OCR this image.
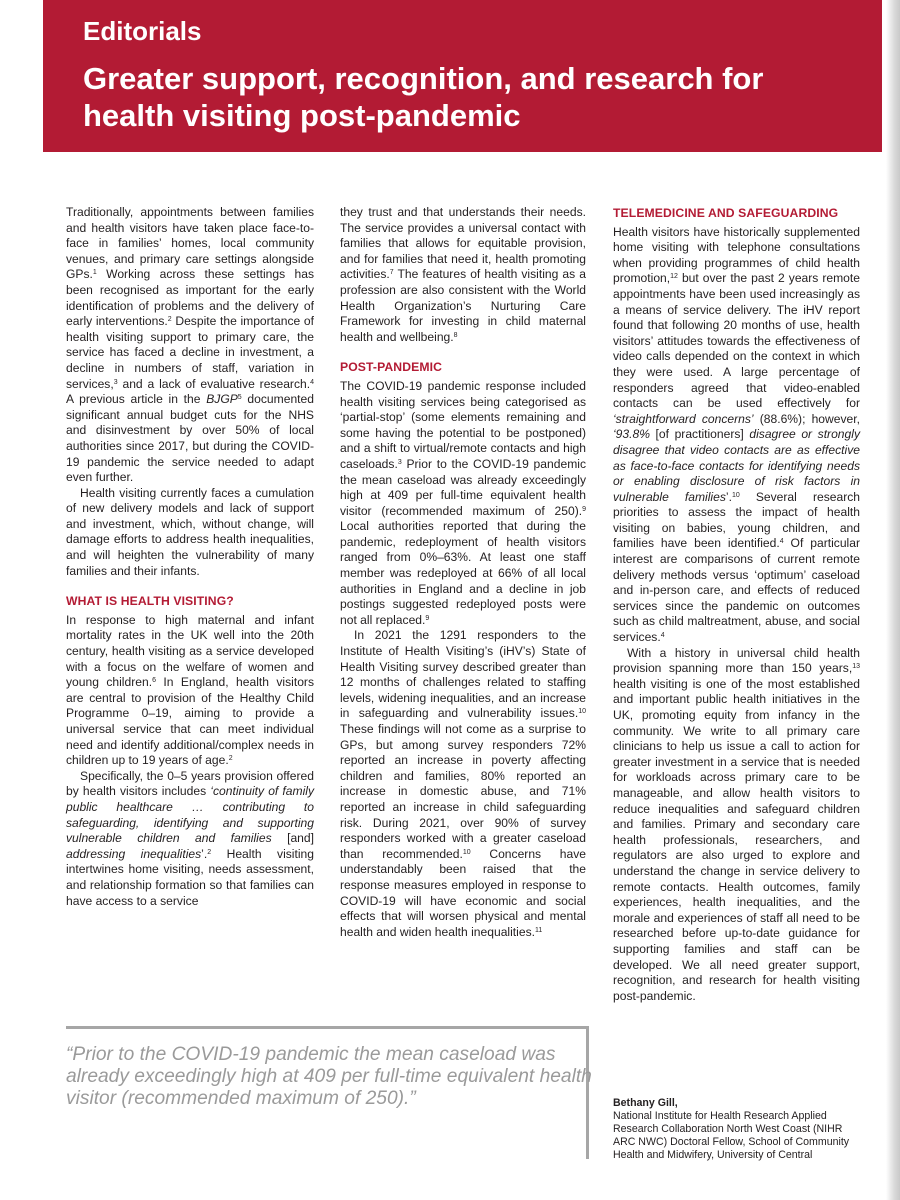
Editorials
Greater support, recognition, and research for health visiting post-pandemic

Traditionally, appointments between families and health visitors have taken place face-to-face in families’ homes, local community venues, and primary care settings alongside GPs.$^1$ Working across these settings has been recognised as important for the early identification of problems and the delivery of early interventions.$^2$ Despite the importance of health visiting support to primary care, the service has faced a decline in investment, a decline in numbers of staff, variation in services,$^3$ and a lack of evaluative research.$^4$ A previous article in the BJGP$^5$ documented significant annual budget cuts for the NHS and disinvestment by over 50% of local authorities since 2017, but during the COVID-19 pandemic the service needed to adapt even further.

Health visiting currently faces a cumulation of new delivery models and lack of support and investment, which, without change, will damage efforts to address health inequalities, and will heighten the vulnerability of many families and their infants.

WHAT IS HEALTH VISITING?

In response to high maternal and infant mortality rates in the UK well into the 20th century, health visiting as a service developed with a focus on the welfare of women and young children.$^6$ In England, health visitors are central to provision of the Healthy Child Programme 0–19, aiming to provide a universal service that can meet individual need and identify additional/complex needs in children up to 19 years of age.$^2$

Specifically, the 0–5 years provision offered by health visitors includes ‘continuity of family public healthcare … contributing to safeguarding, identifying and supporting vulnerable children and families [and] addressing inequalities’.$^2$ Health visiting intertwines home visiting, needs assessment, and relationship formation so that families can have access to a service

they trust and that understands their needs. The service provides a universal contact with families that allows for equitable provision, and for families that need it, health promoting activities.$^7$ The features of health visiting as a profession are also consistent with the World Health Organization’s Nurturing Care Framework for investing in child maternal health and wellbeing.$^8$

POST-PANDEMIC

The COVID-19 pandemic response included health visiting services being categorised as ‘partial-stop’ (some elements remaining and some having the potential to be postponed) and a shift to virtual/remote contacts and high caseloads.$^3$ Prior to the COVID-19 pandemic the mean caseload was already exceedingly high at 409 per full-time equivalent health visitor (recommended maximum of 250).$^9$ Local authorities reported that during the pandemic, redeployment of health visitors ranged from 0%–63%. At least one staff member was redeployed at 66% of all local authorities in England and a decline in job postings suggested redeployed posts were not all replaced.$^9$

In 2021 the 1291 responders to the Institute of Health Visiting’s (iHV’s) State of Health Visiting survey described greater than 12 months of challenges related to staffing levels, widening inequalities, and an increase in safeguarding and vulnerability issues.$^{10}$ These findings will not come as a surprise to GPs, but among survey responders 72% reported an increase in poverty affecting children and families, 80% reported an increase in domestic abuse, and 71% reported an increase in child safeguarding risk. During 2021, over 90% of survey responders worked with a greater caseload than recommended.$^{10}$ Concerns have understandably been raised that the response measures employed in response to COVID-19 will have economic and social effects that will worsen physical and mental health and widen health inequalities.$^{11}$

TELEMEDICINE AND SAFEGUARDING

Health visitors have historically supplemented home visiting with telephone consultations when providing programmes of child health promotion,$^{12}$ but over the past 2 years remote appointments have been used increasingly as a means of service delivery. The iHV report found that following 20 months of use, health visitors’ attitudes towards the effectiveness of video calls depended on the context in which they were used. A large percentage of responders agreed that video-enabled contacts can be used effectively for ‘straightforward concerns’ (88.6%); however, ‘93.8% [of practitioners] disagree or strongly disagree that video contacts are as effective as face-to-face contacts for identifying needs or enabling disclosure of risk factors in vulnerable families’.$^{10}$ Several research priorities to assess the impact of health visiting on babies, young children, and families have been identified.$^4$ Of particular interest are comparisons of current remote delivery methods versus ‘optimum’ caseload and in-person care, and effects of reduced services since the pandemic on outcomes such as child maltreatment, abuse, and social services.$^4$

With a history in universal child health provision spanning more than 150 years,$^{13}$ health visiting is one of the most established and important public health initiatives in the UK, promoting equity from infancy in the community. We write to all primary care clinicians to help us issue a call to action for greater investment in a service that is needed for workloads across primary care to be manageable, and allow health visitors to reduce inequalities and safeguard children and families. Primary and secondary care health professionals, researchers, and regulators are also urged to explore and understand the change in service delivery to remote contacts. Health outcomes, family experiences, health inequalities, and the morale and experiences of staff all need to be researched before up-to-date guidance for supporting families and staff can be developed. We all need greater support, recognition, and research for health visiting post-pandemic.

“Prior to the COVID-19 pandemic the mean caseload was already exceedingly high at 409 per full-time equivalent health visitor (recommended maximum of 250).”	Bethany Gill,
National Institute for Health Research Applied Research Collaboration North West Coast (NIHR ARC NWC) Doctoral Fellow, School of Community Health and Midwifery, University of Central
